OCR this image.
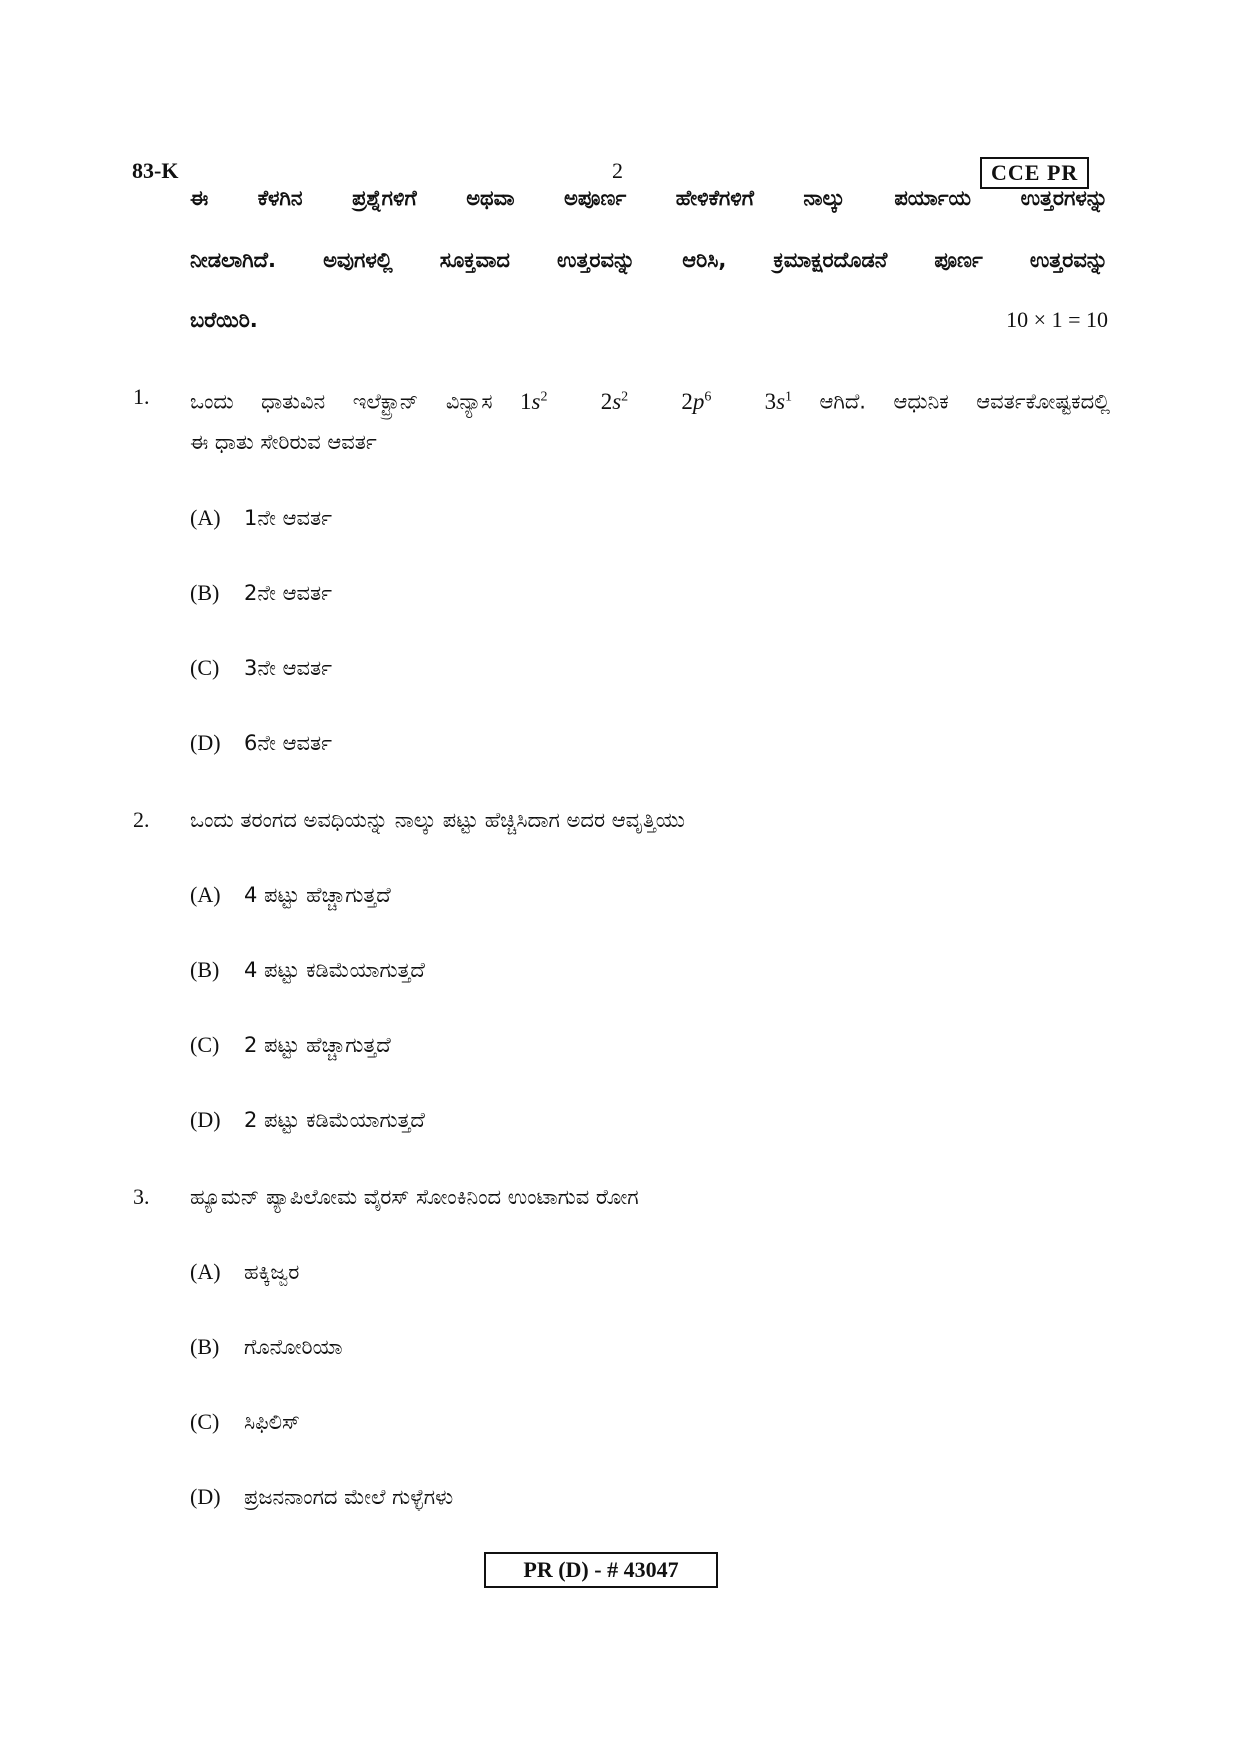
83-K	2	CCE PR
ಈ ಕೆಳಗಿನ ಪ್ರಶ್ನೆಗಳಿಗೆ ಅಥವಾ ಅಪೂರ್ಣ ಹೇಳಿಕೆಗಳಿಗೆ ನಾಲ್ಕು ಪರ್ಯಾಯ ಉತ್ತರಗಳನ್ನು
ನೀಡಲಾಗಿದೆ. ಅವುಗಳಲ್ಲಿ ಸೂಕ್ತವಾದ ಉತ್ತರವನ್ನು ಆರಿಸಿ, ಕ್ರಮಾಕ್ಷರದೊಡನೆ ಪೂರ್ಣ ಉತ್ತರವನ್ನು
ಬರೆಯಿರಿ.	10 × 1 = 10
1. ಒಂದು ಧಾತುವಿನ ಇಲೆಕ್ಟ್ರಾನ್ ವಿನ್ಯಾಸ $1s^2$ $2s^2$ $2p^6$ $3s^1$ ಆಗಿದೆ. ಆಧುನಿಕ ಆವರ್ತಕೋಷ್ಟಕದಲ್ಲಿ
ಈ ಧಾತು ಸೇರಿರುವ ಆವರ್ತ
(A) 1ನೇ ಆವರ್ತ
(B) 2ನೇ ಆವರ್ತ
(C) 3ನೇ ಆವರ್ತ
(D) 6ನೇ ಆವರ್ತ
2. ಒಂದು ತರಂಗದ ಅವಧಿಯನ್ನು ನಾಲ್ಕು ಪಟ್ಟು ಹೆಚ್ಚಿಸಿದಾಗ ಅದರ ಆವೃತ್ತಿಯು
(A) 4 ಪಟ್ಟು ಹೆಚ್ಚಾಗುತ್ತದೆ
(B) 4 ಪಟ್ಟು ಕಡಿಮೆಯಾಗುತ್ತದೆ
(C) 2 ಪಟ್ಟು ಹೆಚ್ಚಾಗುತ್ತದೆ
(D) 2 ಪಟ್ಟು ಕಡಿಮೆಯಾಗುತ್ತದೆ
3. ಹ್ಯೂಮನ್ ಪ್ಯಾಪಿಲೋಮ ವೈರಸ್ ಸೋಂಕಿನಿಂದ ಉಂಟಾಗುವ ರೋಗ
(A) ಹಕ್ಕಿಜ್ವರ
(B) ಗೊನೋರಿಯಾ
(C) ಸಿಫಿಲಿಸ್
(D) ಪ್ರಜನನಾಂಗದ ಮೇಲೆ ಗುಳ್ಳೆಗಳು
PR (D) - # 43047
